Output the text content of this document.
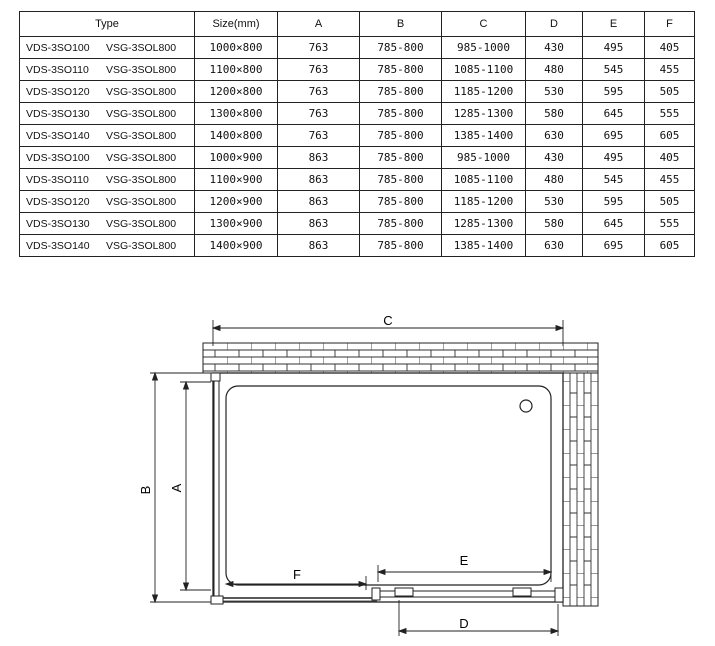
Type	Size(mm)	A	B	C	D	E	F
VDS-3SO100 VSG-3SOL800	1000×800	763	785-800	985-1000	430	495	405
VDS-3SO110 VSG-3SOL800	1100×800	763	785-800	1085-1100	480	545	455
VDS-3SO120 VSG-3SOL800	1200×800	763	785-800	1185-1200	530	595	505
VDS-3SO130 VSG-3SOL800	1300×800	763	785-800	1285-1300	580	645	555
VDS-3SO140 VSG-3SOL800	1400×800	763	785-800	1385-1400	630	695	605
VDS-3SO100 VSG-3SOL800	1000×900	863	785-800	985-1000	430	495	405
VDS-3SO110 VSG-3SOL800	1100×900	863	785-800	1085-1100	480	545	455
VDS-3SO120 VSG-3SOL800	1200×900	863	785-800	1185-1200	530	595	505
VDS-3SO130 VSG-3SOL800	1300×900	863	785-800	1285-1300	580	645	555
VDS-3SO140 VSG-3SOL800	1400×900	863	785-800	1385-1400	630	695	605
C
B A
F
E
D
